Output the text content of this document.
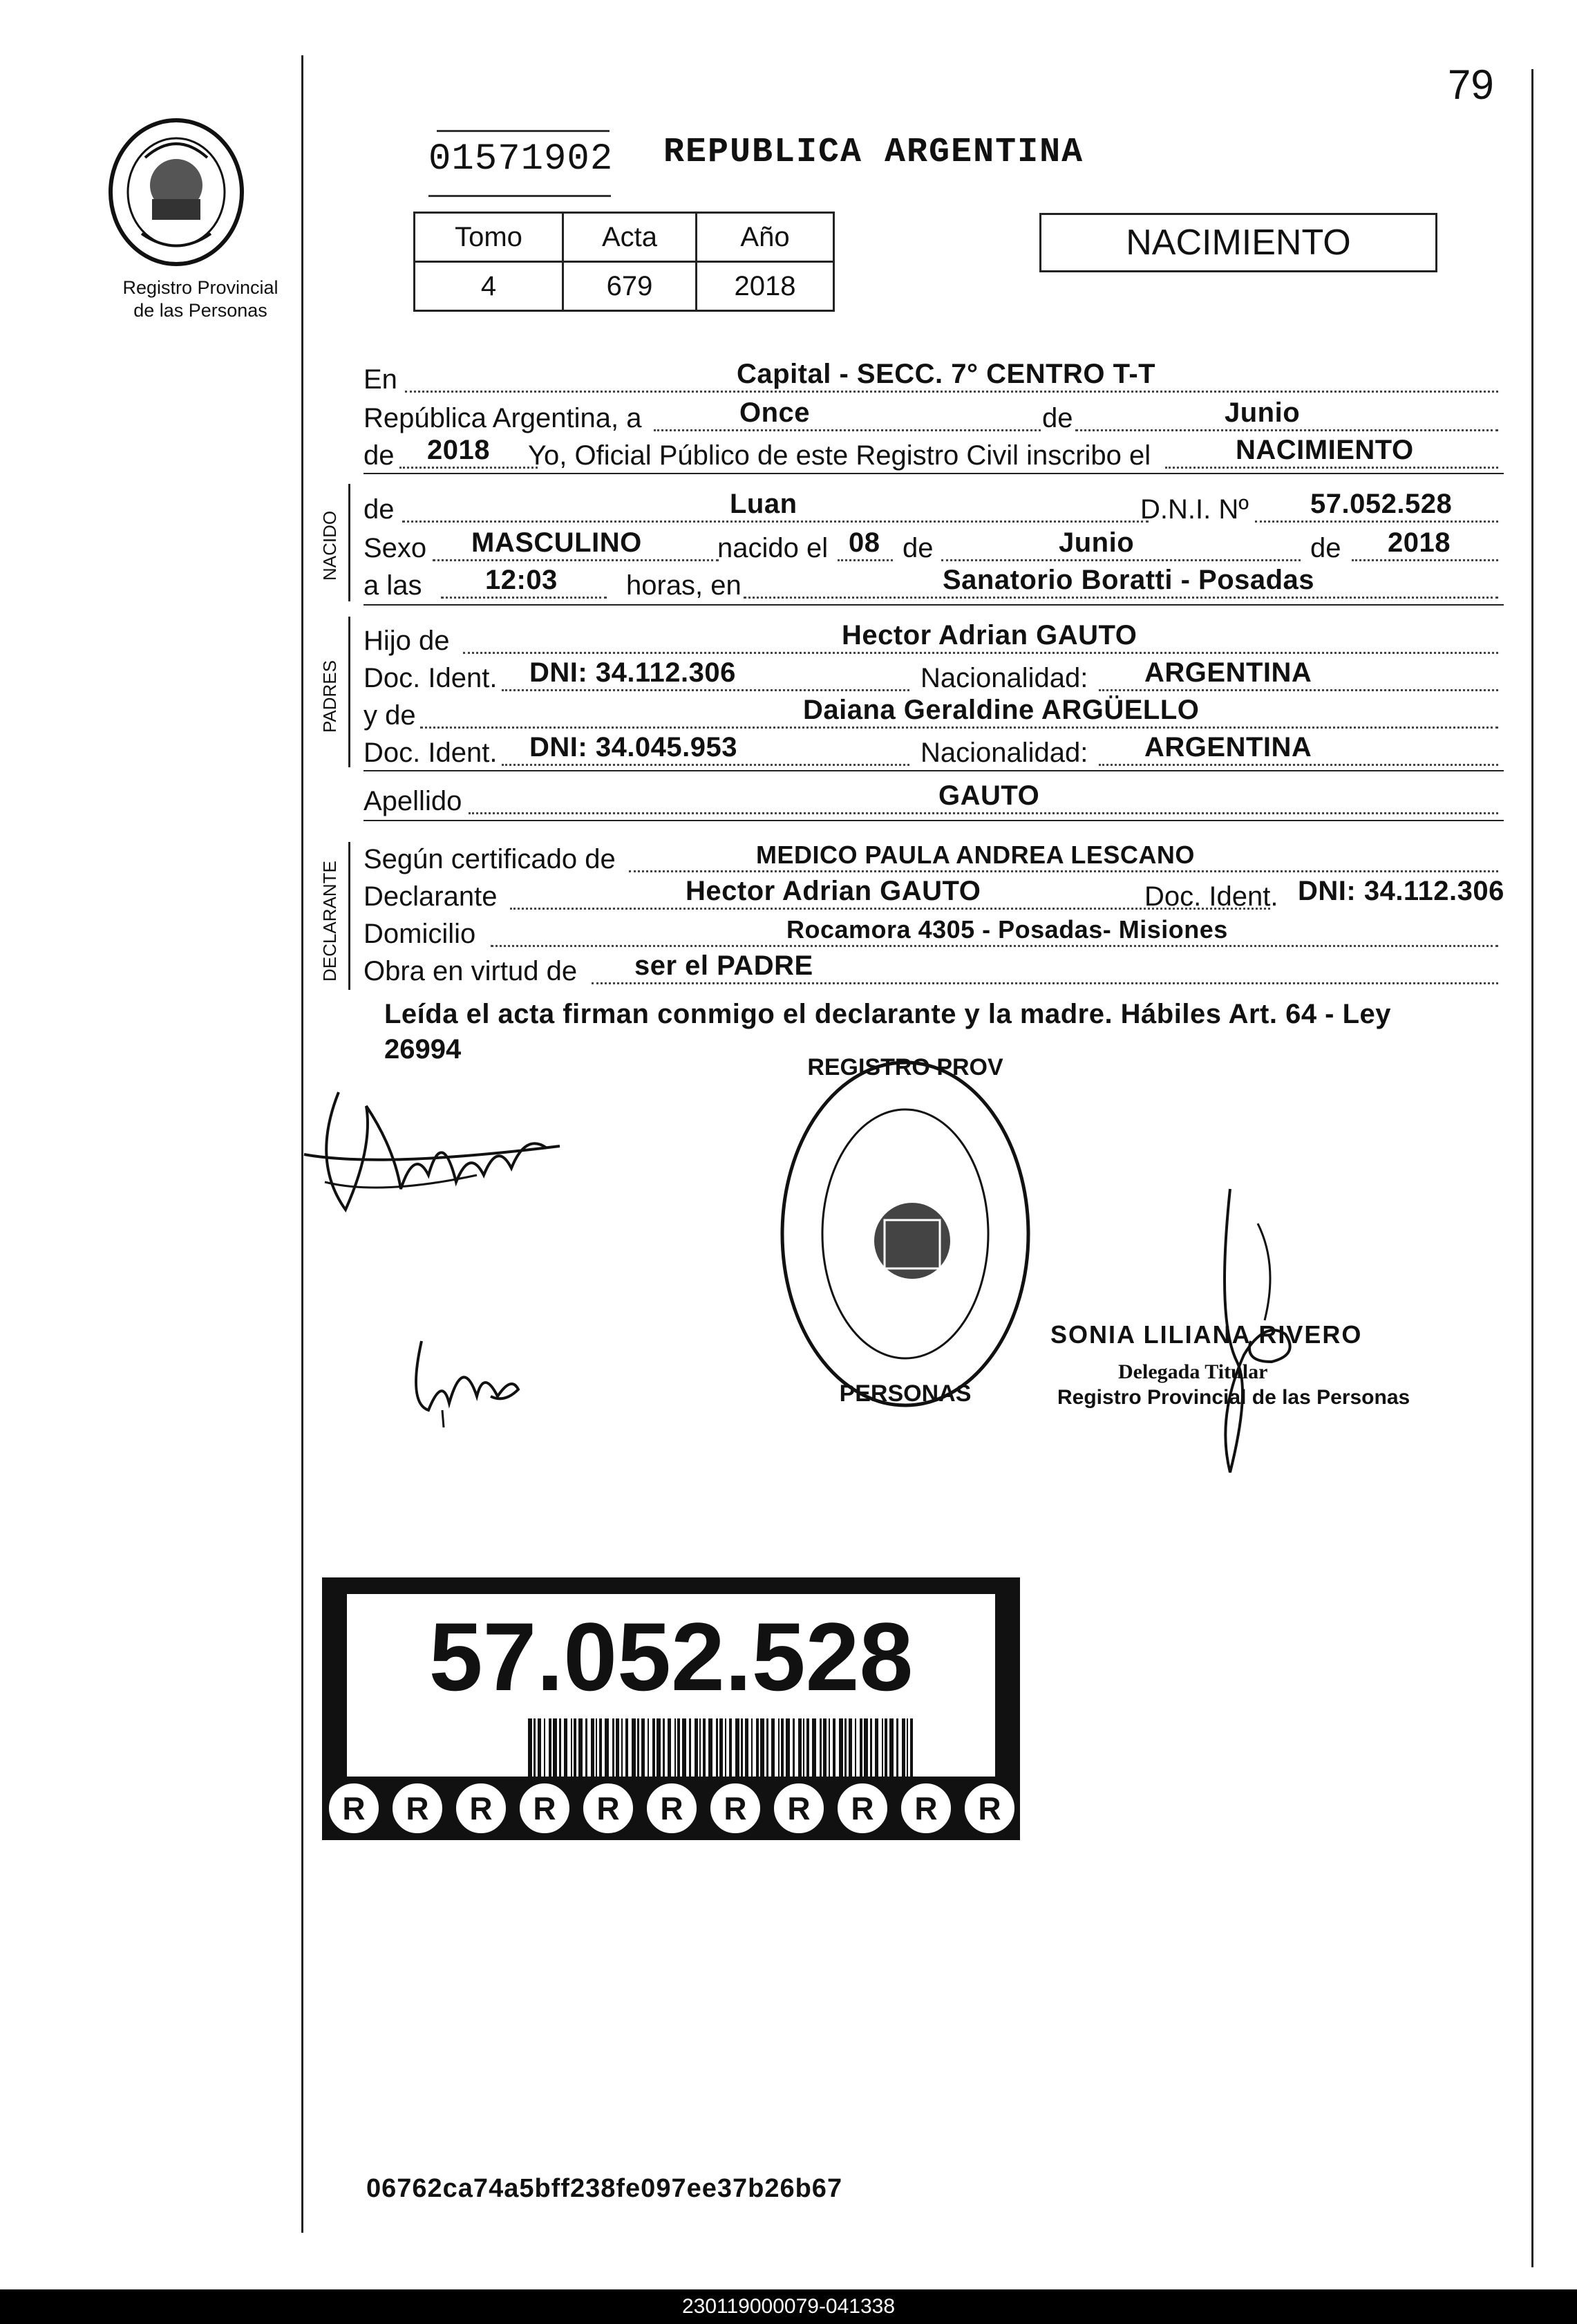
79
Registro Provincial
de las Personas
01571902 REPUBLICA ARGENTINA
Tomo	Acta	Año
4	679	2018
NACIMIENTO
En	Capital - SECC. 7° CENTRO T-T
República Argentina, a	Once	de	Junio
de 2018 Yo, Oficial Público de este Registro Civil inscribo el	NACIMIENTO
NACIDO
de	Luan	D.N.I. Nº 57.052.528
Sexo MASCULINO	nacido el 08 de	Junio	de 2018
a las 12:03 horas, en	Sanatorio Boratti - Posadas
PADRES
Hijo de	Hector Adrian GAUTO
Doc. Ident. DNI: 34.112.306	Nacionalidad: ARGENTINA
y de	Daiana Geraldine ARGÜELLO
Doc. Ident. DNI: 34.045.953	Nacionalidad: ARGENTINA
Apellido	GAUTO
DECLARANTE
Según certificado de	MEDICO PAULA ANDREA LESCANO
Declarante	Hector Adrian GAUTO	Doc. Ident. DNI: 34.112.306
Domicilio	Rocamora 4305 - Posadas- Misiones
Obra en virtud de ser el PADRE
Leída el acta firman conmigo el declarante y la madre. Hábiles Art. 64 - Ley
26994
REGISTRO PROV
PERSONAS
SONIA LILIANA RIVERO
Delegada Titular
Registro Provincial de las Personas
57.052.528
R R R R R R R R R R R
06762ca74a5bff238fe097ee37b26b67
230119000079-041338
